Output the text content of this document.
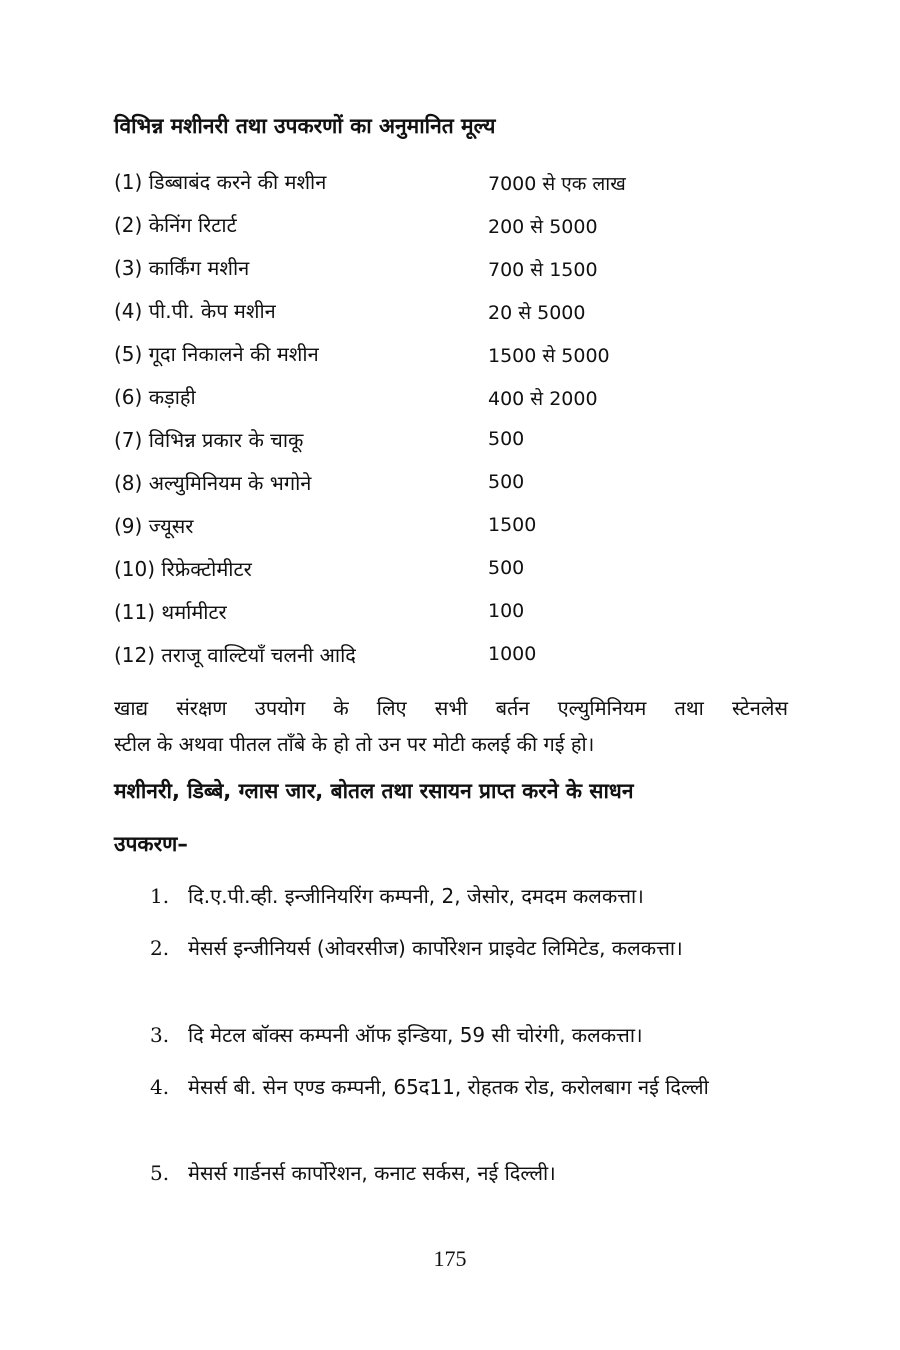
विभिन्न मशीनरी तथा उपकरणों का अनुमानित मूल्य
(1) डिब्बाबंद करने की मशीन	7000 से एक लाख
(2) केनिंग रिटार्ट	200 से 5000
(3) कार्किंग मशीन	700 से 1500
(4) पी.पी. केप मशीन	20 से 5000
(5) गूदा निकालने की मशीन	1500 से 5000
(6) कड़ाही	400 से 2000
(7) विभिन्न प्रकार के चाकू	500
(8) अल्युमिनियम के भगोने	500
(9) ज्यूसर	1500
(10) रिफ्रेक्टोमीटर	500
(11) थर्मामीटर	100
(12) तराजू वाल्टियाँ चलनी आदि	1000
खाद्य संरक्षण उपयोग के लिए सभी बर्तन एल्युमिनियम तथा स्टेनलेस
स्टील के अथवा पीतल ताँबे के हो तो उन पर मोटी कलई की गई हो।
मशीनरी, डिब्बे, ग्लास जार, बोतल तथा रसायन प्राप्त करने के साधन
उपकरण–
1. दि.ए.पी.व्ही. इन्जीनियरिंग कम्पनी, 2, जेसोर, दमदम कलकत्ता।
2. मेसर्स इन्जीनियर्स (ओवरसीज) कार्पोरेशन प्राइवेट लिमिटेड, कलकत्ता।
3. दि मेटल बॉक्स कम्पनी ऑफ इन्डिया, 59 सी चोरंगी, कलकत्ता।
4. मेसर्स बी. सेन एण्ड कम्पनी, 65द11, रोहतक रोड, करोलबाग नई दिल्ली
5. मेसर्स गार्डनर्स कार्पोरेशन, कनाट सर्कस, नई दिल्ली।
175
